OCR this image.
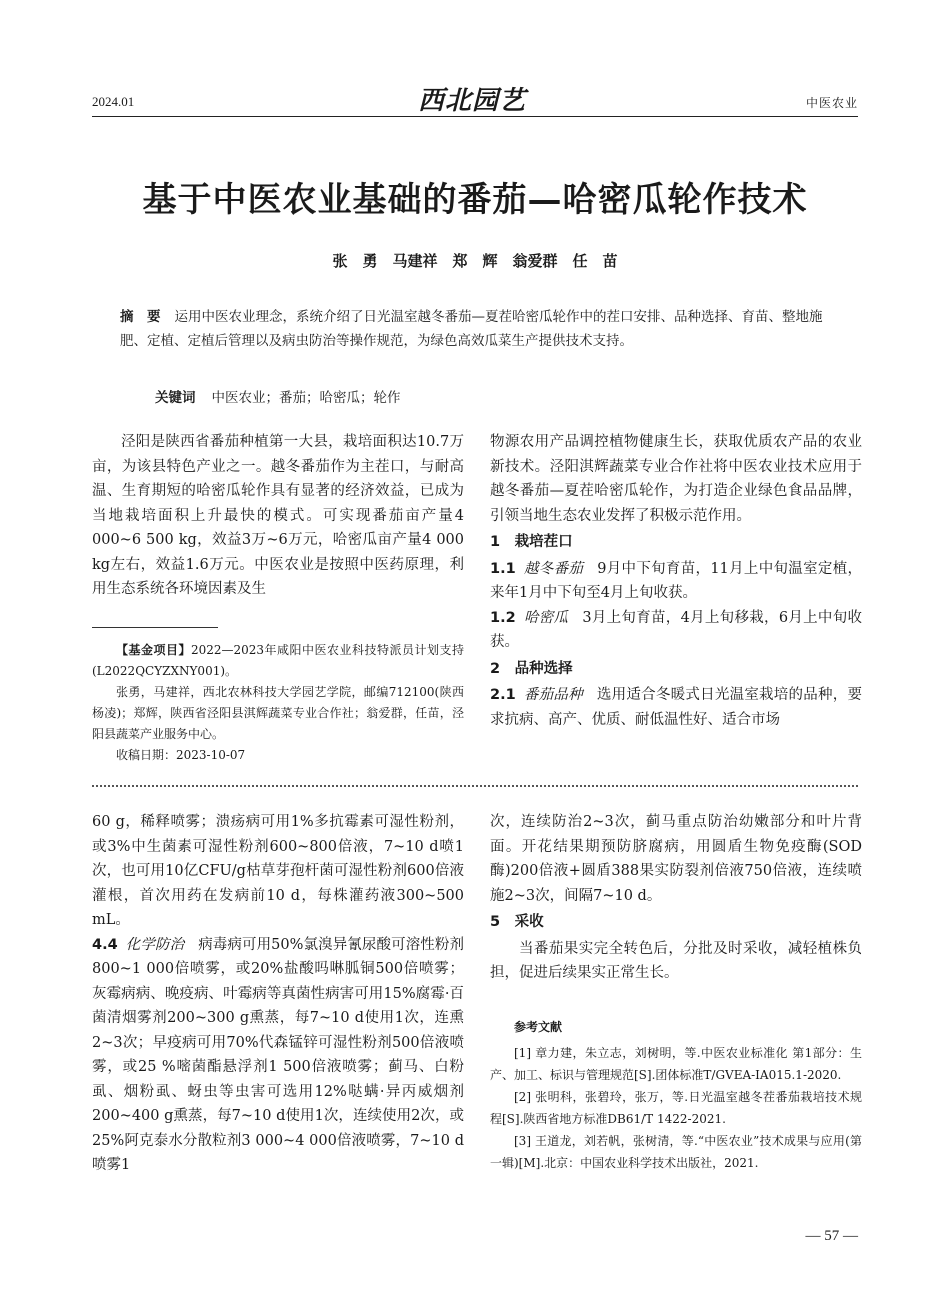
2024.01	西北园艺	中医农业
基于中医农业基础的番茄—哈密瓜轮作技术
张　勇　马建祥　郑　辉　翁爱群　任　苗
摘　要 运用中医农业理念，系统介绍了日光温室越冬番茄—夏茬哈密瓜轮作中的茬口安排、品种选择、育苗、整地施肥、定植、定植后管理以及病虫防治等操作规范，为绿色高效瓜菜生产提供技术支持。
关键词 中医农业；番茄；哈密瓜；轮作

泾阳是陕西省番茄种植第一大县，栽培面积达10.7万亩，为该县特色产业之一。越冬番茄作为主茬口，与耐高温、生育期短的哈密瓜轮作具有显著的经济效益，已成为当地栽培面积上升最快的模式。可实现番茄亩产量4 000~6 500 kg，效益3万~6万元，哈密瓜亩产量4 000 kg左右，效益1.6万元。中医农业是按照中医药原理，利用生态系统各环境因素及生

【基金项目】2022—2023年咸阳中医农业科技特派员计划支持(L2022QCYZXNY001)。

张勇，马建祥，西北农林科技大学园艺学院，邮编712100(陕西杨凌)；郑辉，陕西省泾阳县淇辉蔬菜专业合作社；翁爱群，任苗，泾阳县蔬菜产业服务中心。

收稿日期：2023-10-07

物源农用产品调控植物健康生长，获取优质农产品的农业新技术。泾阳淇辉蔬菜专业合作社将中医农业技术应用于越冬番茄—夏茬哈密瓜轮作，为打造企业绿色食品品牌，引领当地生态农业发挥了积极示范作用。

1　栽培茬口

1.1 越冬番茄 9月中下旬育苗，11月上中旬温室定植，来年1月中下旬至4月上旬收获。

1.2 哈密瓜 3月上旬育苗，4月上旬移栽，6月上中旬收获。

2　品种选择

2.1 番茄品种 选用适合冬暖式日光温室栽培的品种，要求抗病、高产、优质、耐低温性好、适合市场

60 g，稀释喷雾；溃疡病可用1%多抗霉素可湿性粉剂，或3%中生菌素可湿性粉剂600~800倍液，7~10 d喷1次，也可用10亿CFU/g枯草芽孢杆菌可湿性粉剂600倍液灌根，首次用药在发病前10 d，每株灌药液300~500 mL。

4.4 化学防治 病毒病可用50%氯溴异氰尿酸可溶性粉剂800~1 000倍喷雾，或20%盐酸吗啉胍铜500倍喷雾；灰霉病病、晚疫病、叶霉病等真菌性病害可用15%腐霉·百菌清烟雾剂200~300 g熏蒸，每7~10 d使用1次，连熏2~3次；早疫病可用70%代森锰锌可湿性粉剂500倍液喷雾，或25 %嘧菌酯悬浮剂1 500倍液喷雾；蓟马、白粉虱、烟粉虱、蚜虫等虫害可选用12%哒螨·异丙威烟剂200~400 g熏蒸，每7~10 d使用1次，连续使用2次，或25%阿克泰水分散粒剂3 000~4 000倍液喷雾，7~10 d喷雾1

次，连续防治2~3次，蓟马重点防治幼嫩部分和叶片背面。开花结果期预防脐腐病，用圆盾生物免疫酶(SOD酶)200倍液+圆盾388果实防裂剂倍液750倍液，连续喷施2~3次，间隔7~10 d。

5　采收

当番茄果实完全转色后，分批及时采收，减轻植株负担，促进后续果实正常生长。

参考文献

[1] 章力建，朱立志，刘树明，等.中医农业标准化 第1部分：生产、加工、标识与管理规范[S].团体标准T/GVEA-IA015.1-2020.

[2] 张明科，张碧玲，张万，等.日光温室越冬茬番茄栽培技术规程[S].陕西省地方标准DB61/T 1422-2021.

[3] 王道龙，刘若帆，张树清，等.“中医农业”技术成果与应用(第一辑)[M].北京：中国农业科学技术出版社，2021.

— 57 —
